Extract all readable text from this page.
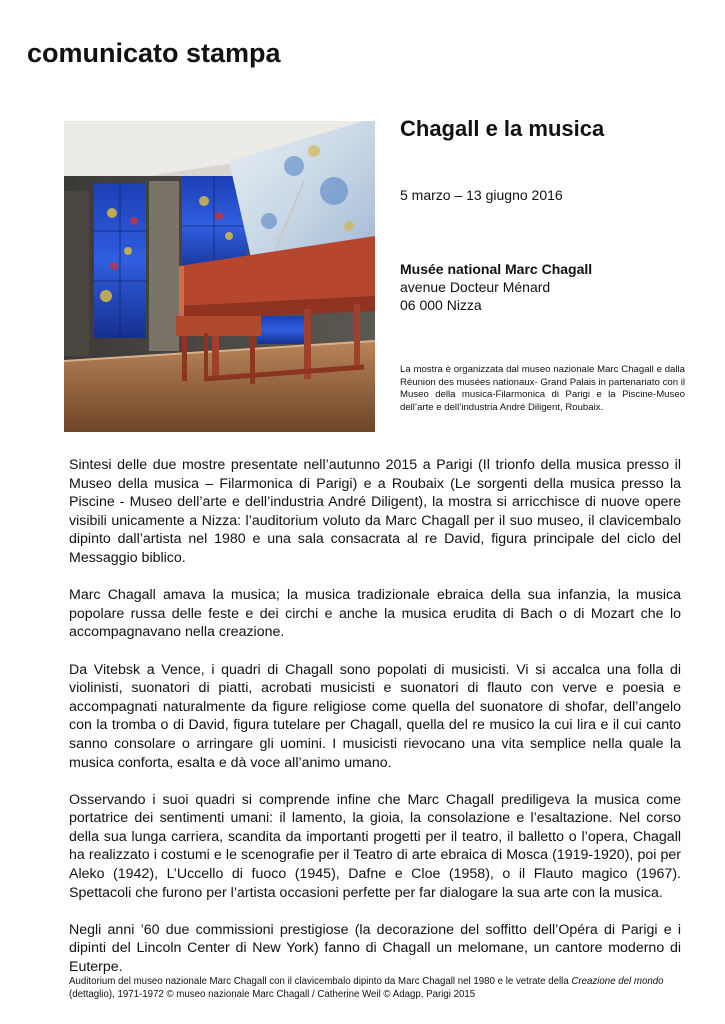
comunicato stampa
Chagall e la musica
5 marzo – 13 giugno 2016
Musée national Marc Chagall
avenue Docteur Ménard
06 000 Nizza
La mostra è organizzata dal museo nazionale Marc Chagall e dalla Réunion des musées nationaux- Grand Palais in partenariato con il Museo della musica-Filarmonica di Parigi e la Piscine-Museo dell’arte e dell’industria André Diligent, Roubaix.

Sintesi delle due mostre presentate nell’autunno 2015 a Parigi (Il trionfo della musica presso il Museo della musica – Filarmonica di Parigi) e a Roubaix (Le sorgenti della musica presso la Piscine - Museo dell’arte e dell’industria André Diligent), la mostra si arricchisce di nuove opere visibili unicamente a Nizza: l’auditorium voluto da Marc Chagall per il suo museo, il clavicembalo dipinto dall’artista nel 1980 e una sala consacrata al re David, figura principale del ciclo del Messaggio biblico.

Marc Chagall amava la musica; la musica tradizionale ebraica della sua infanzia, la musica popolare russa delle feste e dei circhi e anche la musica erudita di Bach o di Mozart che lo accompagnavano nella creazione.

Da Vitebsk a Vence, i quadri di Chagall sono popolati di musicisti. Vi si accalca una folla di violinisti, suonatori di piatti, acrobati musicisti e suonatori di flauto con verve e poesia e accompagnati naturalmente da figure religiose come quella del suonatore di shofar, dell’angelo con la tromba o di David, figura tutelare per Chagall, quella del re musico la cui lira e il cui canto sanno consolare o arringare gli uomini. I musicisti rievocano una vita semplice nella quale la musica conforta, esalta e dà voce all’animo umano.

Osservando i suoi quadri si comprende infine che Marc Chagall prediligeva la musica come portatrice dei sentimenti umani: il lamento, la gioia, la consolazione e l’esaltazione. Nel corso della sua lunga carriera, scandita da importanti progetti per il teatro, il balletto o l’opera, Chagall ha realizzato i costumi e le scenografie per il Teatro di arte ebraica di Mosca (1919-1920), poi per Aleko (1942), L’Uccello di fuoco (1945), Dafne e Cloe (1958), o il Flauto magico (1967). Spettacoli che furono per l’artista occasioni perfette per far dialogare la sua arte con la musica.

Negli anni ’60 due commissioni prestigiose (la decorazione del soffitto dell’Opéra di Parigi e i dipinti del Lincoln Center di New York) fanno di Chagall un melomane, un cantore moderno di Euterpe.

Auditorium del museo nazionale Marc Chagall con il clavicembalo dipinto da Marc Chagall nel 1980 e le vetrate della Creazione del mondo (dettaglio), 1971-1972 © museo nazionale Marc Chagall / Catherine Weil © Adagp, Parigi 2015
